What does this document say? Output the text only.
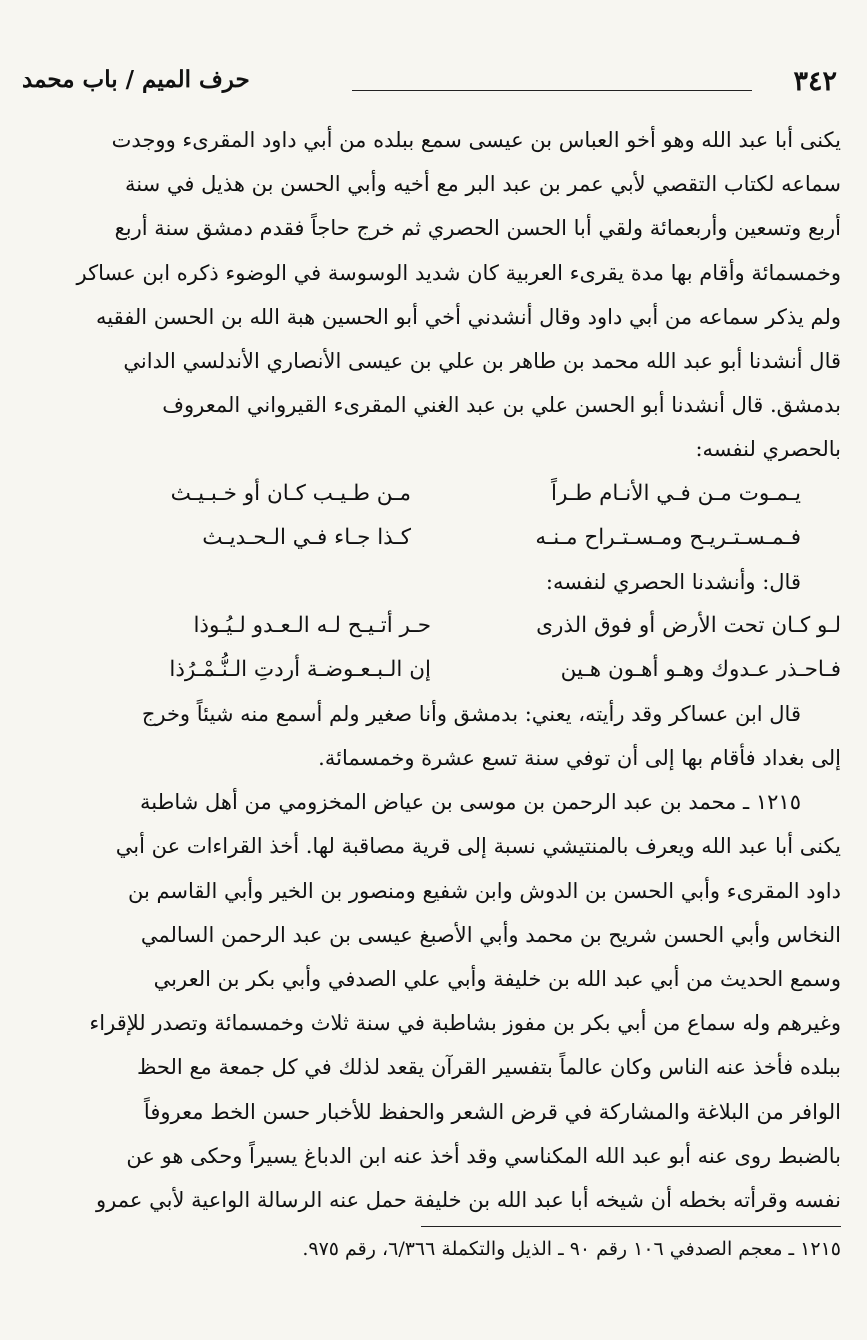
٣٤٢
حرف الميم / باب محمد
يكنى أبا عبد الله وهو أخو العباس بن عيسى سمع ببلده من أبي داود المقرىء ووجدت
سماعه لكتاب التقصي لأبي عمر بن عبد البر مع أخيه وأبي الحسن بن هذيل في سنة
أربع وتسعين وأربعمائة ولقي أبا الحسن الحصري ثم خرج حاجاً فقدم دمشق سنة أربع
وخمسمائة وأقام بها مدة يقرىء العربية كان شديد الوسوسة في الوضوء ذكره ابن عساكر
ولم يذكر سماعه من أبي داود وقال أنشدني أخي أبو الحسين هبة الله بن الحسن الفقيه
قال أنشدنا أبو عبد الله محمد بن طاهر بن علي بن عيسى الأنصاري الأندلسي الداني
بدمشق. قال أنشدنا أبو الحسن علي بن عبد الغني المقرىء القيرواني المعروف
بالحصري لنفسه:
يـمـوت مـن فـي الأنـام طـراً
مـن طـيـب كـان أو خـبـيـث
فـمـسـتـريـح ومـسـتـراح مـنـه
كـذا جـاء فـي الـحـديـث
قال: وأنشدنا الحصري لنفسه:
لـو كـان تحت الأرض أو فوق الذرى
حـر أتـيـح لـه الـعـدو لـيُـوذا
فـاحـذر عـدوك وهـو أهـون هـين
إن الـبـعـوضـة أردتِ الـنُّـمْـرُذا
قال ابن عساكر وقد رأيته، يعني: بدمشق وأنا صغير ولم أسمع منه شيئاً وخرج
إلى بغداد فأقام بها إلى أن توفي سنة تسع عشرة وخمسمائة.
١٢١٥ ـ محمد بن عبد الرحمن بن موسى بن عياض المخزومي من أهل شاطبة
يكنى أبا عبد الله ويعرف بالمنتيشي نسبة إلى قرية مصاقبة لها. أخذ القراءات عن أبي
داود المقرىء وأبي الحسن بن الدوش وابن شفيع ومنصور بن الخير وأبي القاسم بن
النخاس وأبي الحسن شريح بن محمد وأبي الأصبغ عيسى بن عبد الرحمن السالمي
وسمع الحديث من أبي عبد الله بن خليفة وأبي علي الصدفي وأبي بكر بن العربي
وغيرهم وله سماع من أبي بكر بن مفوز بشاطبة في سنة ثلاث وخمسمائة وتصدر للإقراء
ببلده فأخذ عنه الناس وكان عالماً بتفسير القرآن يقعد لذلك في كل جمعة مع الحظ
الوافر من البلاغة والمشاركة في قرض الشعر والحفظ للأخبار حسن الخط معروفاً
بالضبط روى عنه أبو عبد الله المكناسي وقد أخذ عنه ابن الدباغ يسيراً وحكى هو عن
نفسه وقرأته بخطه أن شيخه أبا عبد الله بن خليفة حمل عنه الرسالة الواعية لأبي عمرو
١٢١٥ ـ معجم الصدفي ١٠٦ رقم ٩٠ ـ الذيل والتكملة ٦/٣٦٦، رقم ٩٧٥.
